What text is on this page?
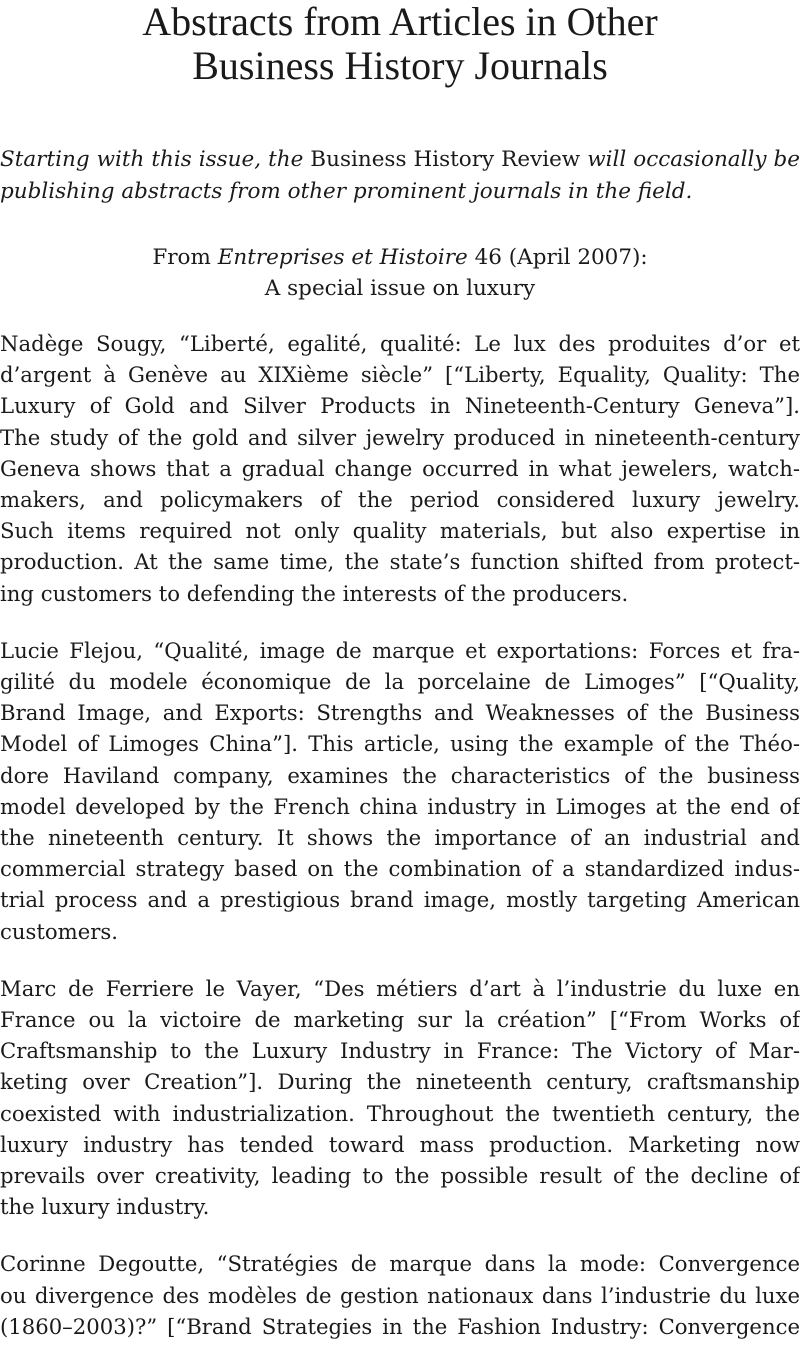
Abstracts from Articles in Other
Business History Journals

Starting with this issue, the Business History Review will occasionally be publishing abstracts from other prominent journals in the field.

From Entreprises et Histoire 46 (April 2007):
A special issue on luxury
Nadège Sougy, “Liberté, egalité, qualité: Le lux des produites d’or et
d’argent à Genève au XIXième siècle” [“Liberty, Equality, Quality: The
Luxury of Gold and Silver Products in Nineteenth-Century Geneva”].
The study of the gold and silver jewelry produced in nineteenth-century
Geneva shows that a gradual change occurred in what jewelers, watch-
makers, and policymakers of the period considered luxury jewelry.
Such items required not only quality materials, but also expertise in
production. At the same time, the state’s function shifted from protect-
ing customers to defending the interests of the producers.
Lucie Flejou, “Qualité, image de marque et exportations: Forces et fra-
gilité du modele économique de la porcelaine de Limoges” [“Quality,
Brand Image, and Exports: Strengths and Weaknesses of the Business
Model of Limoges China”]. This article, using the example of the Théo-
dore Haviland company, examines the characteristics of the business
model developed by the French china industry in Limoges at the end of
the nineteenth century. It shows the importance of an industrial and
commercial strategy based on the combination of a standardized indus-
trial process and a prestigious brand image, mostly targeting American
customers.
Marc de Ferriere le Vayer, “Des métiers d’art à l’industrie du luxe en
France ou la victoire de marketing sur la création” [“From Works of
Craftsmanship to the Luxury Industry in France: The Victory of Mar-
keting over Creation”]. During the nineteenth century, craftsmanship
coexisted with industrialization. Throughout the twentieth century, the
luxury industry has tended toward mass production. Marketing now
prevails over creativity, leading to the possible result of the decline of
the luxury industry.
Corinne Degoutte, “Stratégies de marque dans la mode: Convergence
ou divergence des modèles de gestion nationaux dans l’industrie du luxe
(1860–2003)?” [“Brand Strategies in the Fashion Industry: Convergence
